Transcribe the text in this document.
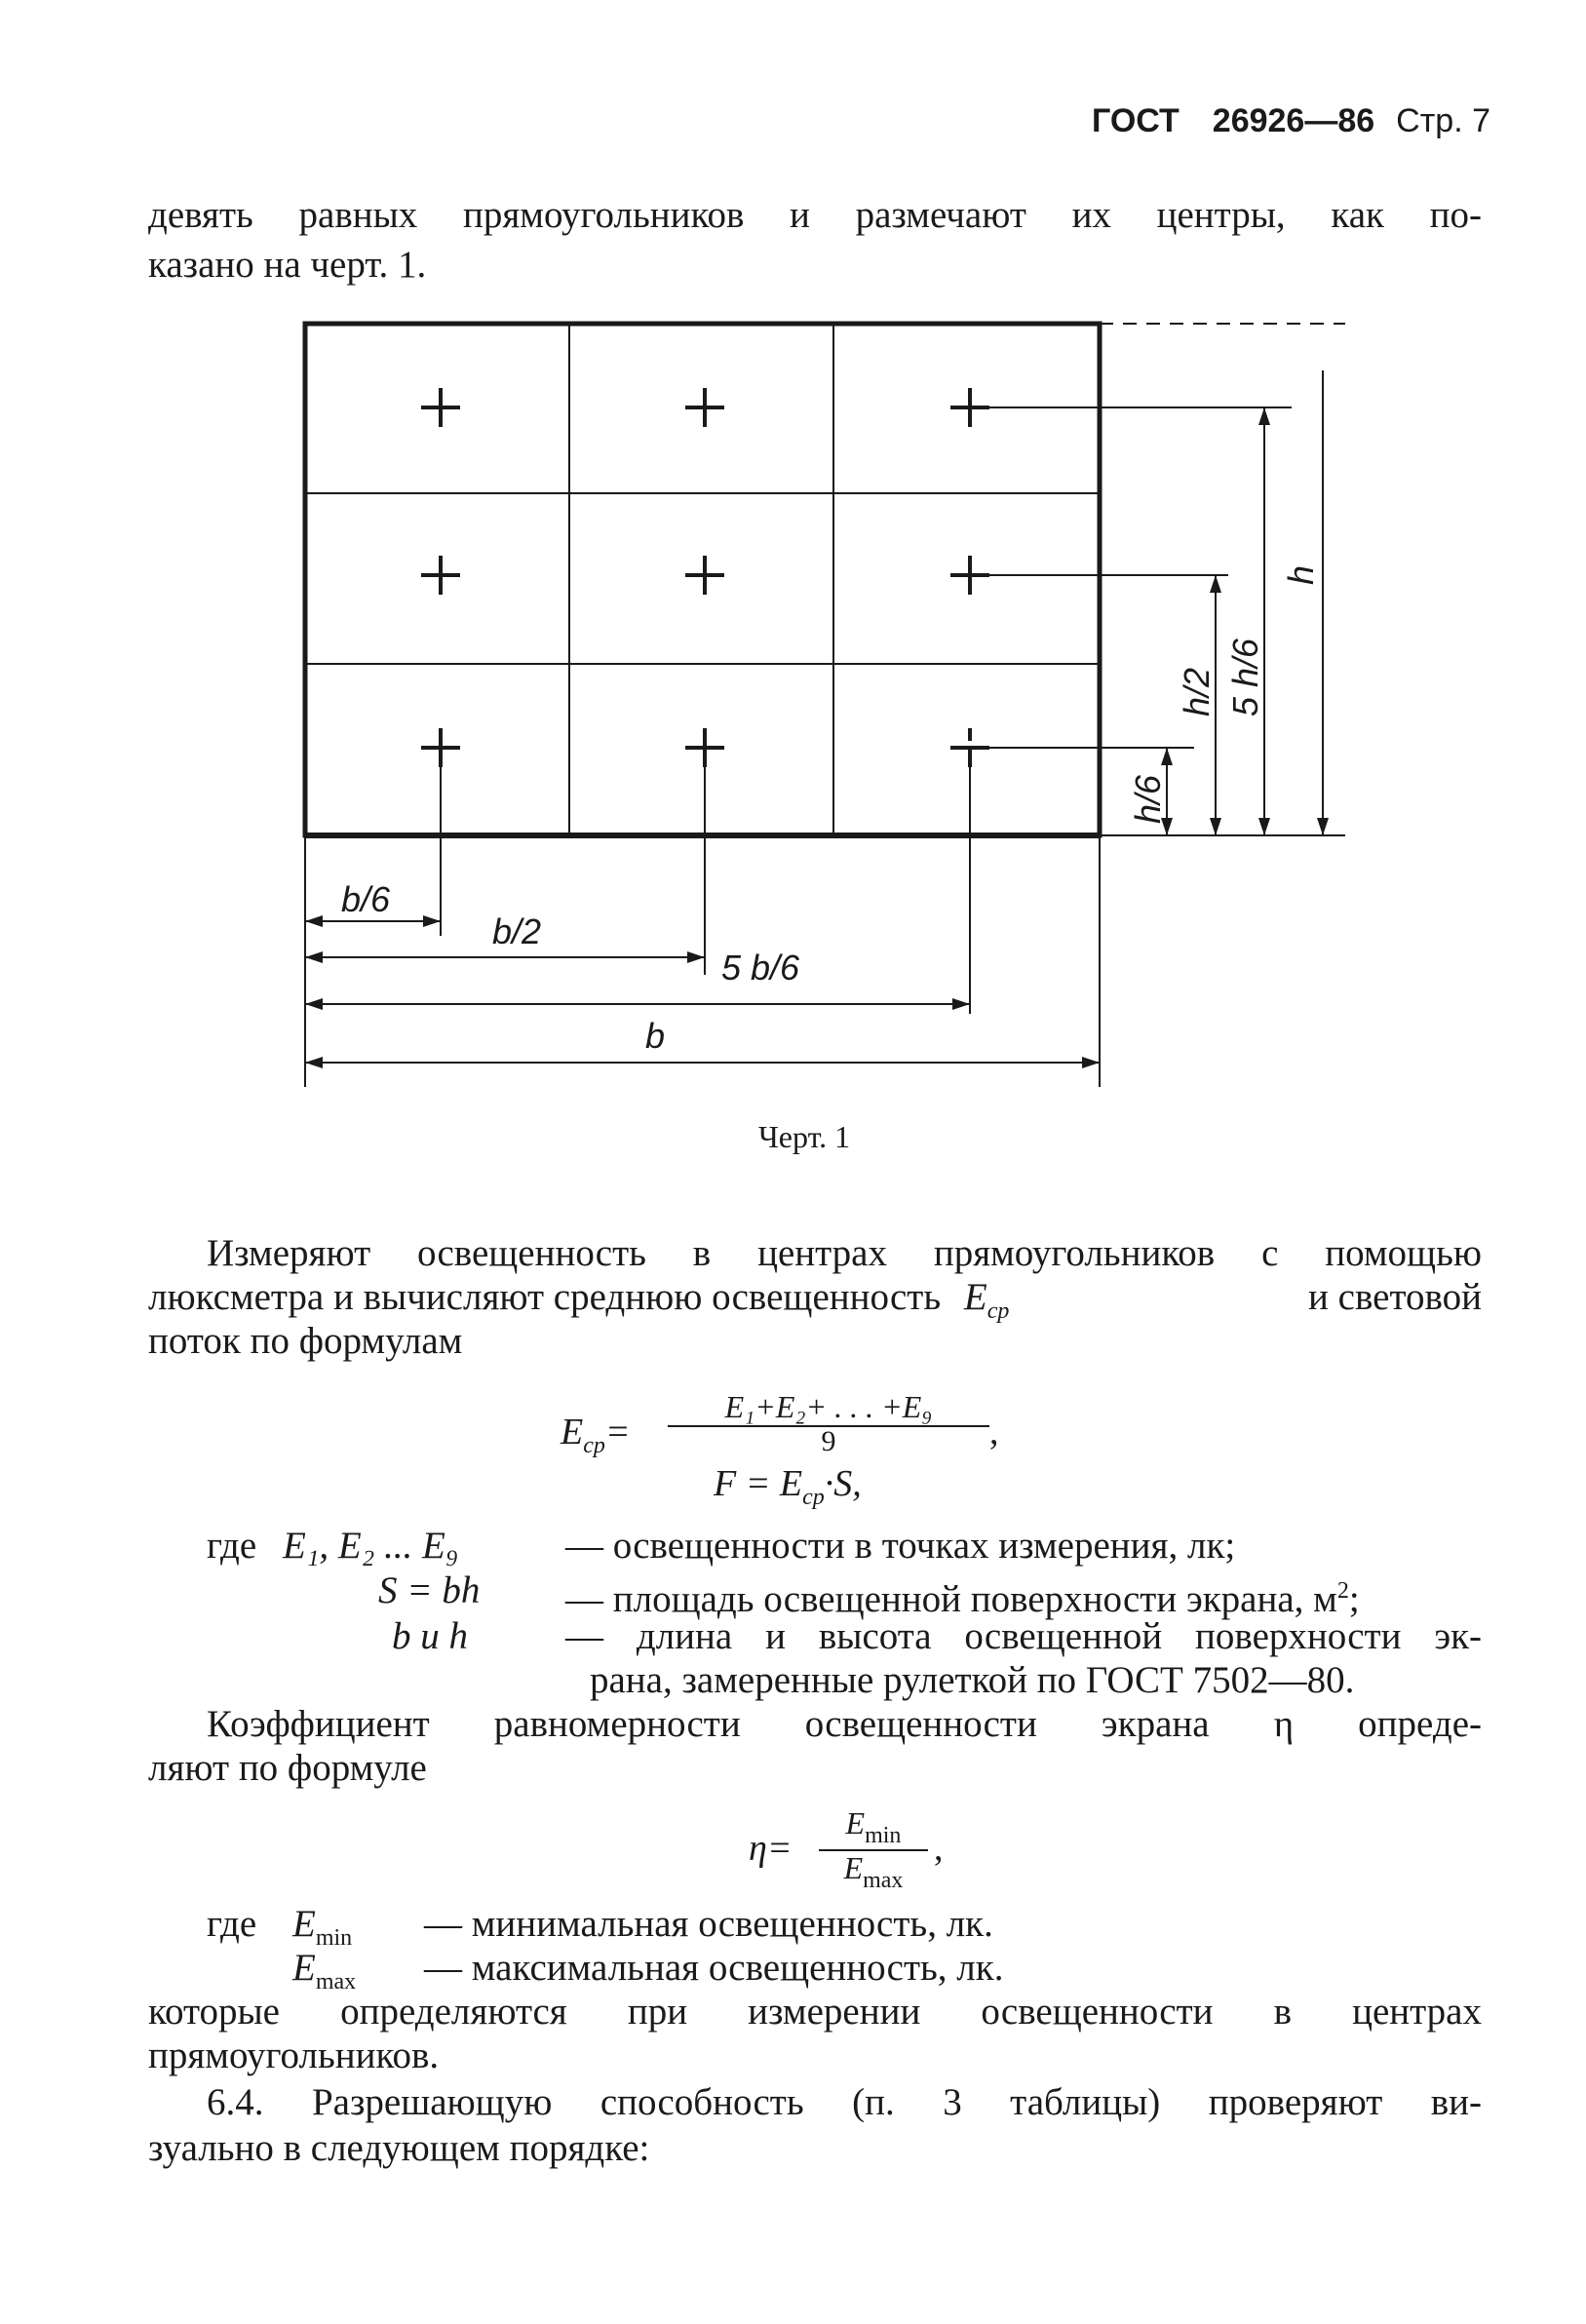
ГОСТ 26926—86 Стр. 7
девять равных прямоугольников и размечают их центры, как по-
казано на черт. 1.
b/6
b/2
5 b/6
b
h/6
h/2 5 h/6
h
Черт. 1
Измеряют освещенность в центрах прямоугольников с помощью
люксметра и вычисляют среднюю освещенность $E_{ср}$	и световой
поток по формулам
$E_{ср}= \frac{\text{E₁+E₂+ . . . +E₉}}{9}$ ,
$F = E_{ср}\cdot S$,
где E₁, E₂ ... E₉	— освещенности в точках измерения, лк;
S = bh — площадь освещенной поверхности экрана, $м^2$;
b и h	— длина и высота освещенной поверхности эк-
рана, замеренные рулеткой по ГОСТ 7502—80.
Коэффициент равномерности освещенности экрана η опреде-
ляют по формуле
η=
$E_{min}$
$E_{max}$
,
где $E_{min}$ — минимальная освещенность, лк.
$E_{max}$ — максимальная освещенность, лк.
которые определяются при измерении освещенности в центрах
прямоугольников.
6.4. Разрешающую способность (п. 3 таблицы) проверяют ви-
зуально в следующем порядке:
